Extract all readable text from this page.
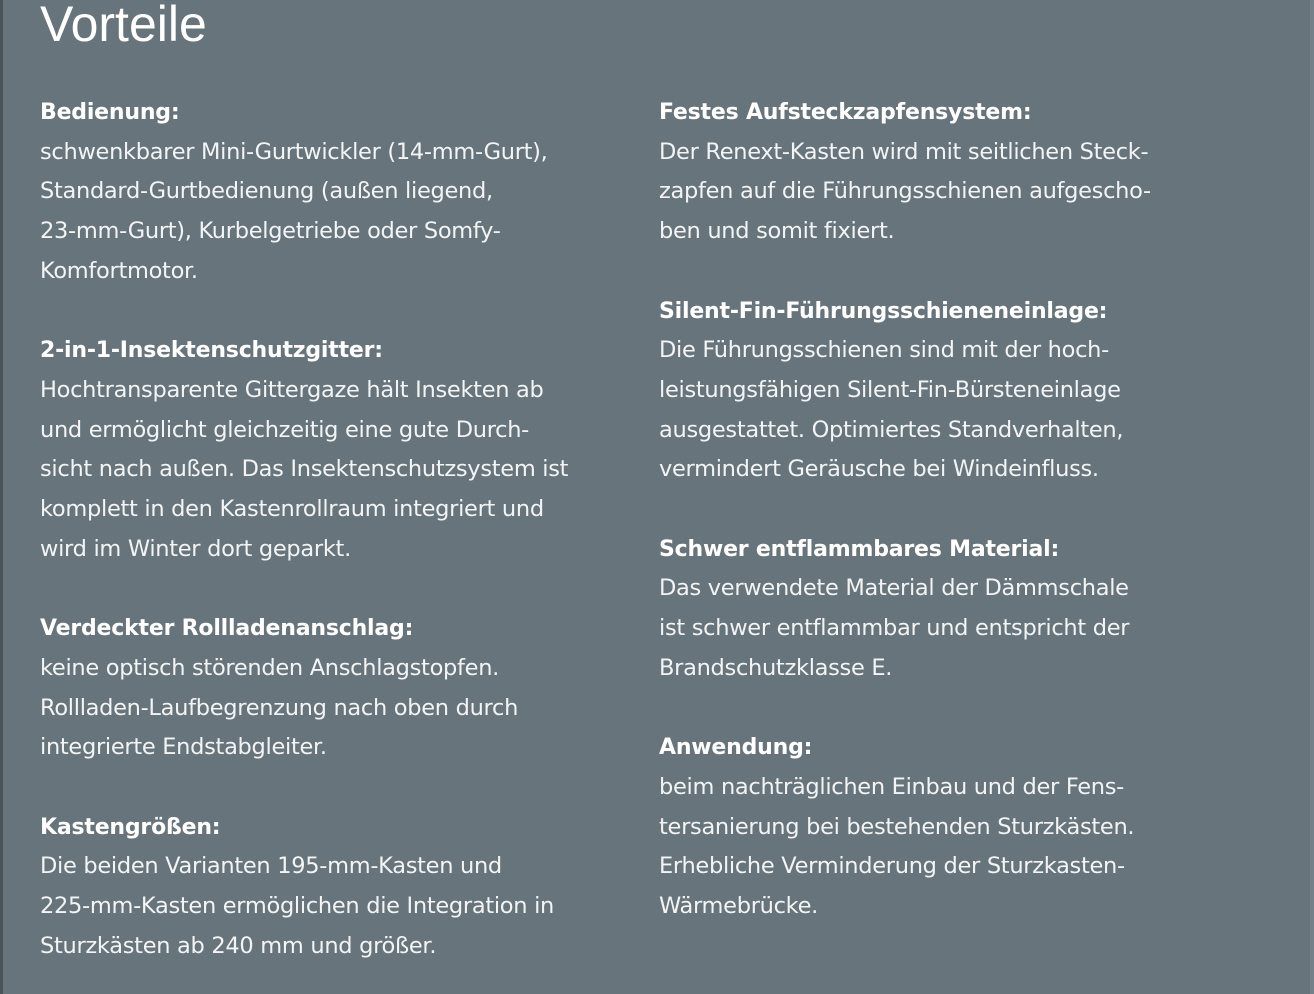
Vorteile
Bedienung:
schwenkbarer Mini-Gurtwickler (14-mm-Gurt),
Standard-Gurtbedienung (außen liegend,
23-mm-Gurt), Kurbelgetriebe oder Somfy-
Komfortmotor.
2-in-1-Insektenschutzgitter:
Hochtransparente Gittergaze hält Insekten ab
und ermöglicht gleichzeitig eine gute Durch-
sicht nach außen. Das Insektenschutzsystem ist
komplett in den Kastenrollraum integriert und
wird im Winter dort geparkt.
Verdeckter Rollladenanschlag:
keine optisch störenden Anschlagstopfen.
Rollladen-Laufbegrenzung nach oben durch
integrierte Endstabgleiter.
Kastengrößen:
Die beiden Varianten 195-mm-Kasten und
225-mm-Kasten ermöglichen die Integration in
Sturzkästen ab 240 mm und größer.
Festes Aufsteckzapfensystem:
Der Renext-Kasten wird mit seitlichen Steck-
zapfen auf die Führungsschienen aufgescho-
ben und somit fixiert.
Silent-Fin-Führungsschieneneinlage:
Die Führungsschienen sind mit der hoch-
leistungsfähigen Silent-Fin-Bürsteneinlage
ausgestattet. Optimiertes Standverhalten,
vermindert Geräusche bei Windeinfluss.
Schwer entflammbares Material:
Das verwendete Material der Dämmschale
ist schwer entflammbar und entspricht der
Brandschutzklasse E.
Anwendung:
beim nachträglichen Einbau und der Fens-
tersanierung bei bestehenden Sturzkästen.
Erhebliche Verminderung der Sturzkasten-
Wärmebrücke.
